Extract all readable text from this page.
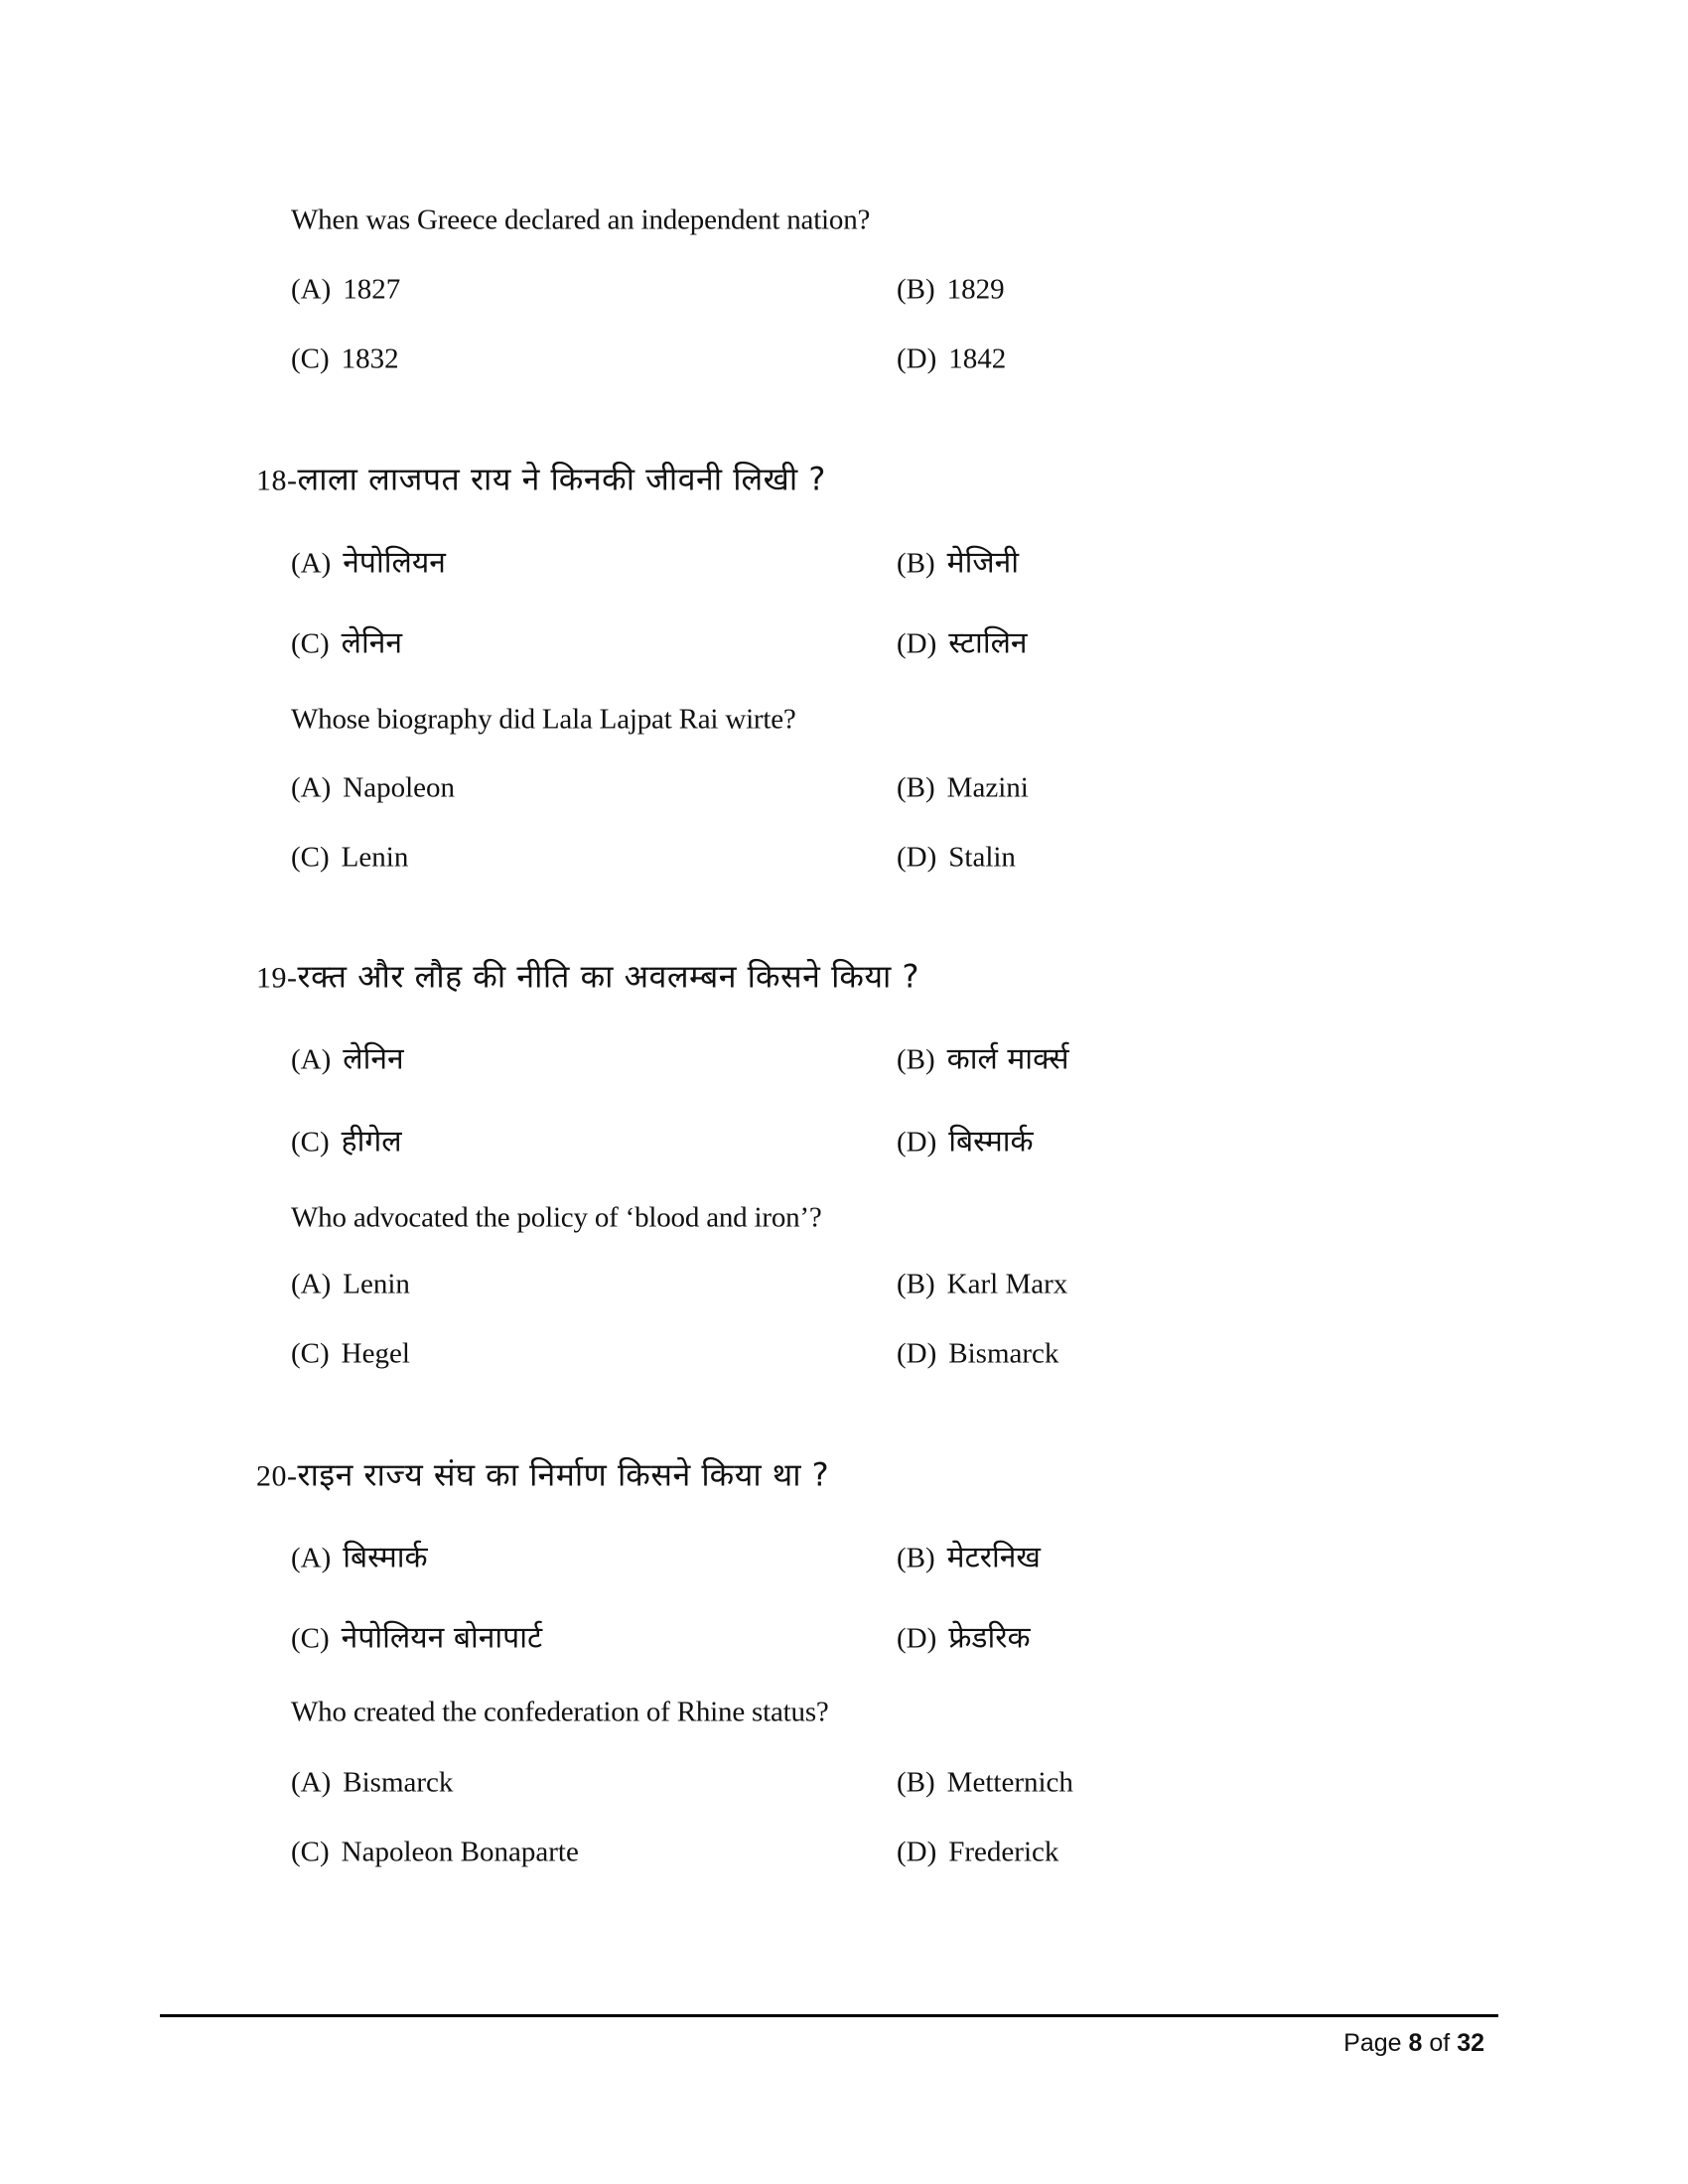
When was Greece declared an independent nation?
(A) 1827	(B) 1829
(C) 1832	(D) 1842
18-लाला लाजपत राय ने किनकी जीवनी लिखी ?
(A) नेपोलियन	(B) मेजिनी
(C) लेनिन	(D) स्टालिन
Whose biography did Lala Lajpat Rai wirte?
(A) Napoleon	(B) Mazini
(C) Lenin	(D) Stalin
19-रक्त और लौह की नीति का अवलम्बन किसने किया ?
(A) लेनिन	(B) कार्ल मार्क्स
(C) हीगेल	(D) बिस्मार्क
Who advocated the policy of ‘blood and iron’?
(A) Lenin	(B) Karl Marx
(C) Hegel	(D) Bismarck
20-राइन राज्य संघ का निर्माण किसने किया था ?
(A) बिस्मार्क	(B) मेटरनिख
(C) नेपोलियन बोनापार्ट	(D) फ्रेडरिक
Who created the confederation of Rhine status?
(A) Bismarck	(B) Metternich
(C) Napoleon Bonaparte	(D) Frederick
Page 8 of 32
